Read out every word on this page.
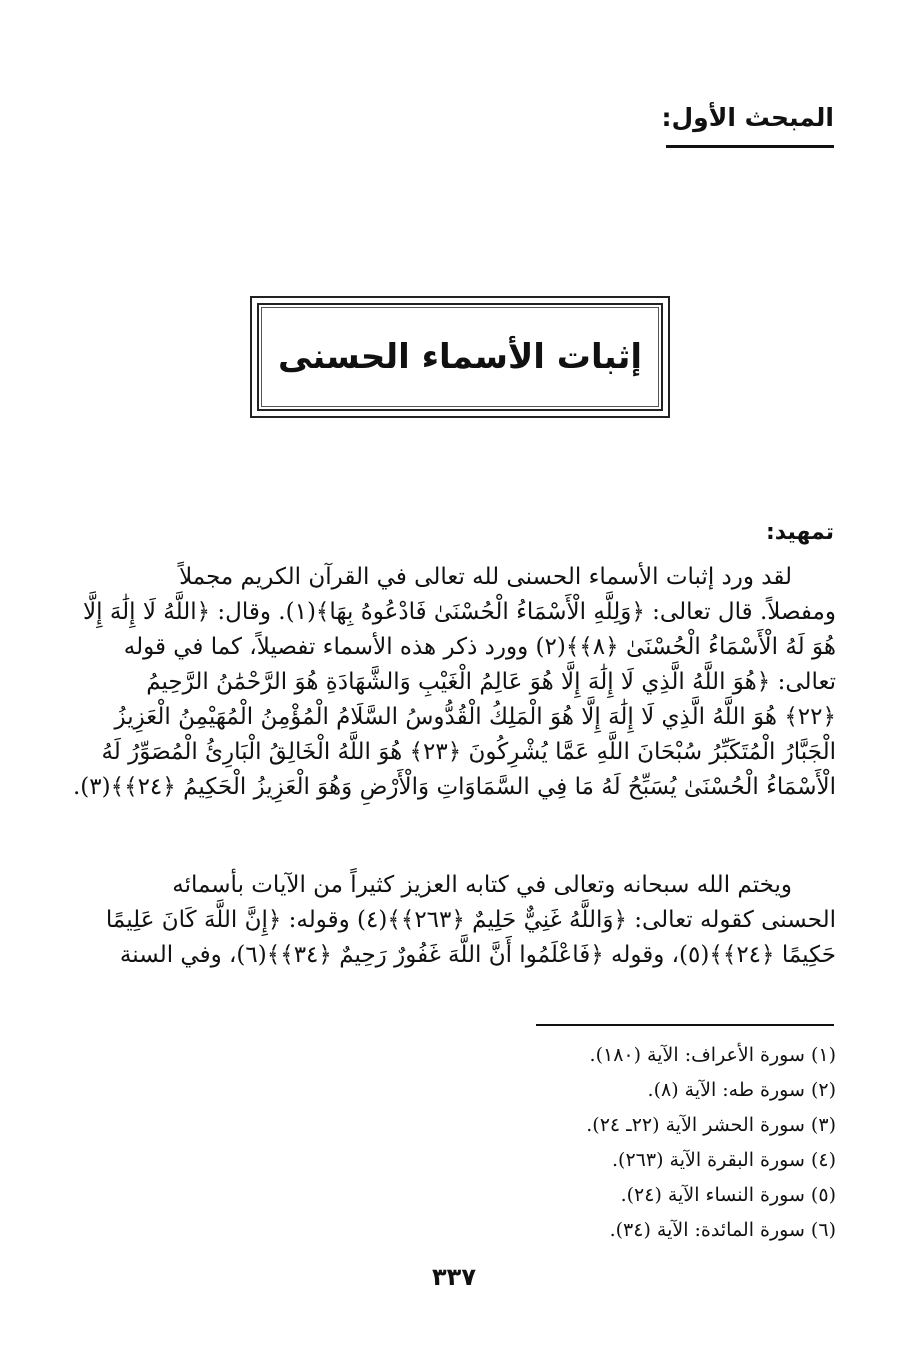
المبحث الأول:
إثبات الأسماء الحسنى
تمهيد:

لقد ورد إثبات الأسماء الحسنى لله تعالى في القرآن الكريم مجملاً
ومفصلاً. قال تعالى: ﴿وَلِلَّهِ الْأَسْمَاءُ الْحُسْنَىٰ فَادْعُوهُ بِهَا﴾(١). وقال: ﴿اللَّهُ لَا إِلَٰهَ إِلَّا
هُوَ لَهُ الْأَسْمَاءُ الْحُسْنَىٰ ﴿٨﴾﴾(٢) وورد ذكر هذه الأسماء تفصيلاً، كما في قوله
تعالى: ﴿هُوَ اللَّهُ الَّذِي لَا إِلَٰهَ إِلَّا هُوَ عَالِمُ الْغَيْبِ وَالشَّهَادَةِ هُوَ الرَّحْمَٰنُ الرَّحِيمُ
﴿٢٢﴾ هُوَ اللَّهُ الَّذِي لَا إِلَٰهَ إِلَّا هُوَ الْمَلِكُ الْقُدُّوسُ السَّلَامُ الْمُؤْمِنُ الْمُهَيْمِنُ الْعَزِيزُ
الْجَبَّارُ الْمُتَكَبِّرُ سُبْحَانَ اللَّهِ عَمَّا يُشْرِكُونَ ﴿٢٣﴾ هُوَ اللَّهُ الْخَالِقُ الْبَارِئُ الْمُصَوِّرُ لَهُ
الْأَسْمَاءُ الْحُسْنَىٰ يُسَبِّحُ لَهُ مَا فِي السَّمَاوَاتِ وَالْأَرْضِ وَهُوَ الْعَزِيزُ الْحَكِيمُ ﴿٢٤﴾﴾(٣).

ويختم الله سبحانه وتعالى في كتابه العزيز كثيراً من الآيات بأسمائه
الحسنى كقوله تعالى: ﴿وَاللَّهُ غَنِيٌّ حَلِيمٌ ﴿٢٦٣﴾﴾(٤) وقوله: ﴿إِنَّ اللَّهَ كَانَ عَلِيمًا
حَكِيمًا ﴿٢٤﴾﴾(٥)، وقوله ﴿فَاعْلَمُوا أَنَّ اللَّهَ غَفُورٌ رَحِيمٌ ﴿٣٤﴾﴾(٦)، وفي السنة

(١) سورة الأعراف: الآية (١٨٠).
(٢) سورة طه: الآية (٨).
(٣) سورة الحشر الآية (٢٢ـ ٢٤).
(٤) سورة البقرة الآية (٢٦٣).
(٥) سورة النساء الآية (٢٤).
(٦) سورة المائدة: الآية (٣٤).
٣٣٧
